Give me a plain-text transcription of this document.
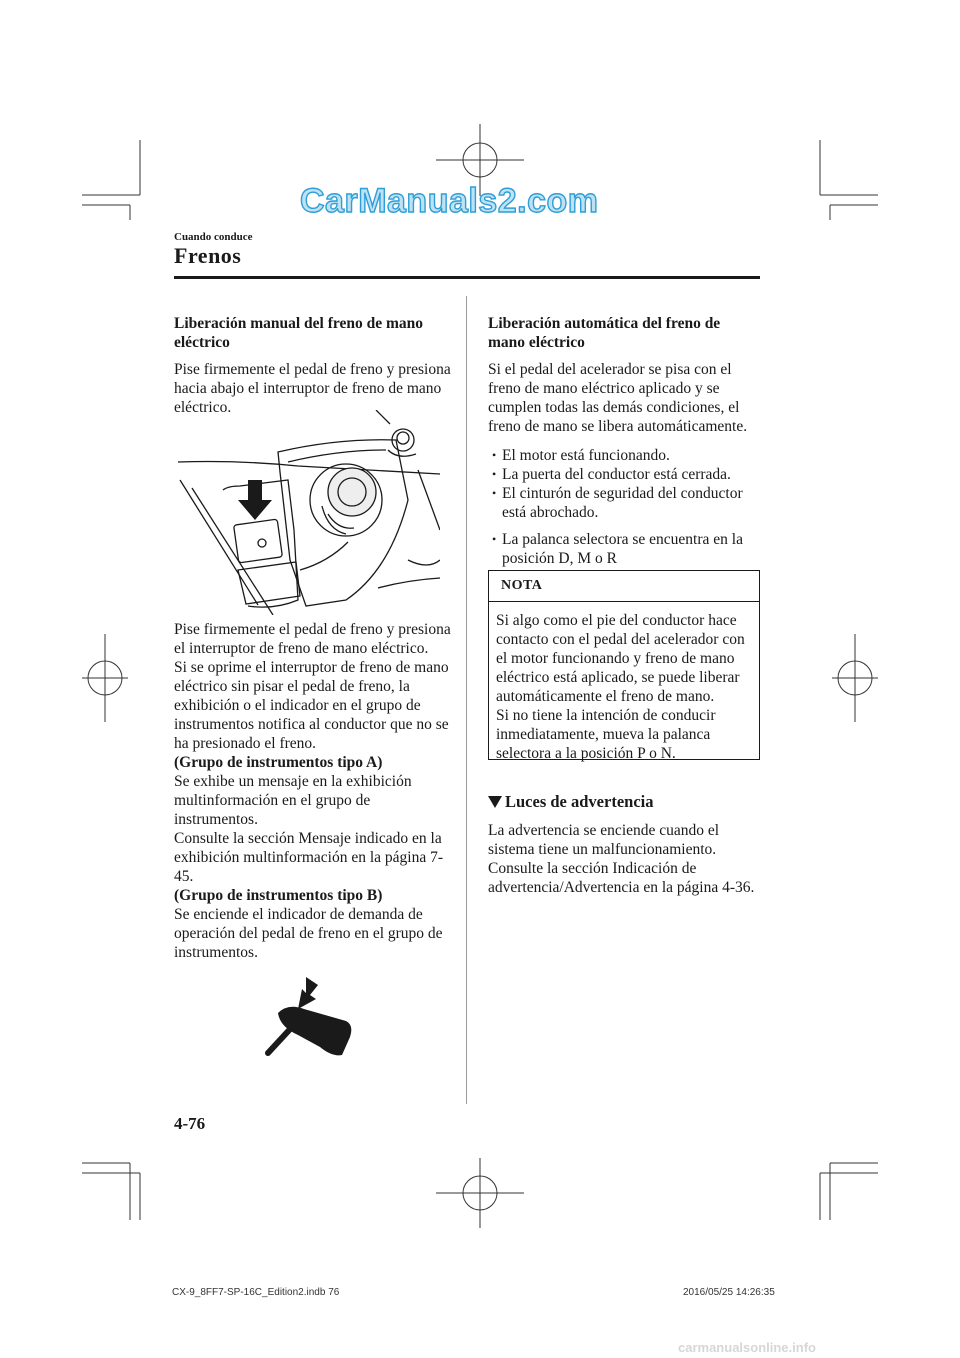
CarManuals2.com
Cuando conduce
Frenos

Liberación manual del freno de mano eléctrico

Pise firmemente el pedal de freno y presiona hacia abajo el interruptor de freno de mano eléctrico.

Pise firmemente el pedal de freno y presiona el interruptor de freno de mano eléctrico.

Si se oprime el interruptor de freno de mano eléctrico sin pisar el pedal de freno, la exhibición o el indicador en el grupo de instrumentos notifica al conductor que no se ha presionado el freno.

(Grupo de instrumentos tipo A)

Se exhibe un mensaje en la exhibición multinformación en el grupo de instrumentos.

Consulte la sección Mensaje indicado en la exhibición multinformación en la página 7-45.

(Grupo de instrumentos tipo B)

Se enciende el indicador de demanda de operación del pedal de freno en el grupo de instrumentos.

Liberación automática del freno de mano eléctrico

Si el pedal del acelerador se pisa con el freno de mano eléctrico aplicado y se cumplen todas las demás condiciones, el freno de mano se libera automáticamente.

• El motor está funcionando.
• La puerta del conductor está cerrada.
• El cinturón de seguridad del conductor está abrochado.
• La palanca selectora se encuentra en la posición D, M o R
NOTA

Si algo como el pie del conductor hace contacto con el pedal del acelerador con el motor funcionando y freno de mano eléctrico está aplicado, se puede liberar automáticamente el freno de mano.

Si no tiene la intención de conducir inmediatamente, mueva la palanca selectora a la posición P o N.

Luces de advertencia

La advertencia se enciende cuando el sistema tiene un malfuncionamiento.

Consulte la sección Indicación de advertencia/Advertencia en la página 4-36.

4-76
CX-9_8FF7-SP-16C_Edition2.indb 76	2016/05/25 14:26:35
carmanualsonline.info
